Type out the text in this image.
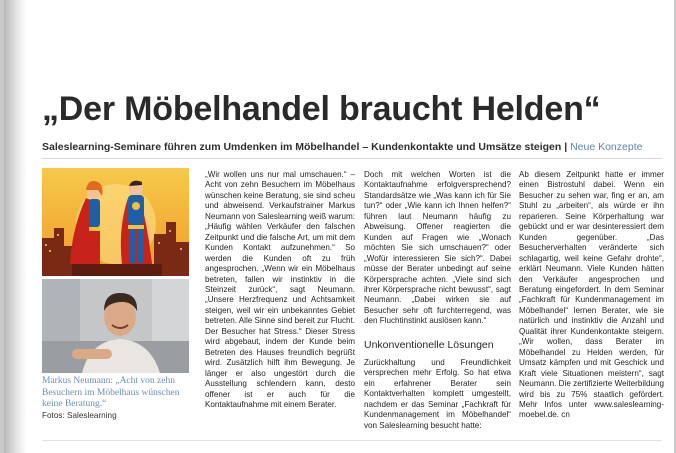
„Der Möbelhandel braucht Helden“
Saleslearning-Seminare führen zum Umdenken im Möbelhandel – Kundenkontakte und Umsätze steigen | Neue Konzepte
Markus Neumann: „Acht von zehn Besuchern im Möbelhaus wünschen keine Beratung.“
Fotos: Saleslearning

„Wir wollen uns nur mal umschauen.“ – Acht von zehn Besuchern im Möbelhaus wünschen keine Beratung, sie sind scheu und abweisend. Verkaufstrainer Markus Neumann von Saleslearning weiß warum: „Häufig wählen Verkäufer den falschen Zeitpunkt und die falsche Art, um mit dem Kunden Kontakt aufzunehmen.“ So werden die Kunden oft zu früh angesprochen. „Wenn wir ein Möbelhaus betreten, fallen wir instinktiv in die Steinzeit zurück“, sagt Neumann. „Unsere Herzfrequenz und Achtsamkeit steigen, weil wir ein unbekanntes Gebiet betreten. Alle Sinne sind bereit zur Flucht. Der Besucher hat Stress.“ Dieser Stress wird abgebaut, indem der Kunde beim Betreten des Hauses freundlich begrüßt wird. Zusätzlich hilft ihm Bewegung. Je länger er also ungestört durch die Ausstellung schlendern kann, desto offener ist er auch für die Kontaktaufnahme mit einem Berater.

Doch mit welchen Worten ist die Kontaktaufnahme erfolgversprechend? Standardsätze wie „Was kann ich für Sie tun?“ oder „Wie kann ich Ihnen helfen?“ führen laut Neumann häufig zu Abweisung. Offener reagierten die Kunden auf Fragen wie „Wonach möchten Sie sich umschauen?“ oder „Wofür interessieren Sie sich?“. Dabei müsse der Berater unbedingt auf seine Körpersprache achten. „Viele sind sich ihrer Körpersprache nicht bewusst“, sagt Neumann. „Dabei wirken sie auf Besucher sehr oft furchterregend, was den Fluchtinstinkt auslösen kann.“

Unkonventionelle Lösungen

Zurückhaltung und Freundlichkeit versprechen mehr Erfolg. So hat etwa ein erfahrener Berater sein Kontaktverhalten komplett umgestellt, nachdem er das Seminar „Fachkraft für Kundenmanagement im Möbelhandel“ von Saleslearning besucht hatte:

Ab diesem Zeitpunkt hatte er immer einen Bistrostuhl dabei. Wenn ein Besucher zu sehen war, fing er an, am Stuhl zu „arbeiten“, als würde er ihn reparieren. Seine Körperhaltung war gebückt und er war desinteressiert dem Kunden gegenüber. „Das Besucherverhalten veränderte sich schlagartig, weil keine Gefahr drohte“, erklärt Neumann. Viele Kunden hätten den Verkäufer angesprochen und Beratung eingefordert. In dem Seminar „Fachkraft für Kundenmanagement im Möbelhandel“ lernen Berater, wie sie natürlich und instinktiv die Anzahl und Qualität ihrer Kundenkontakte steigern. „Wir wollen, dass Berater im Möbelhandel zu Helden werden, für Umsatz kämpfen und mit Geschick und Kraft viele Situationen meistern“, sagt Neumann. Die zertifizierte Weiterbildung wird bis zu 75% staatlich gefördert. Mehr Infos unter www.saleslearning-moebel.de. cn
